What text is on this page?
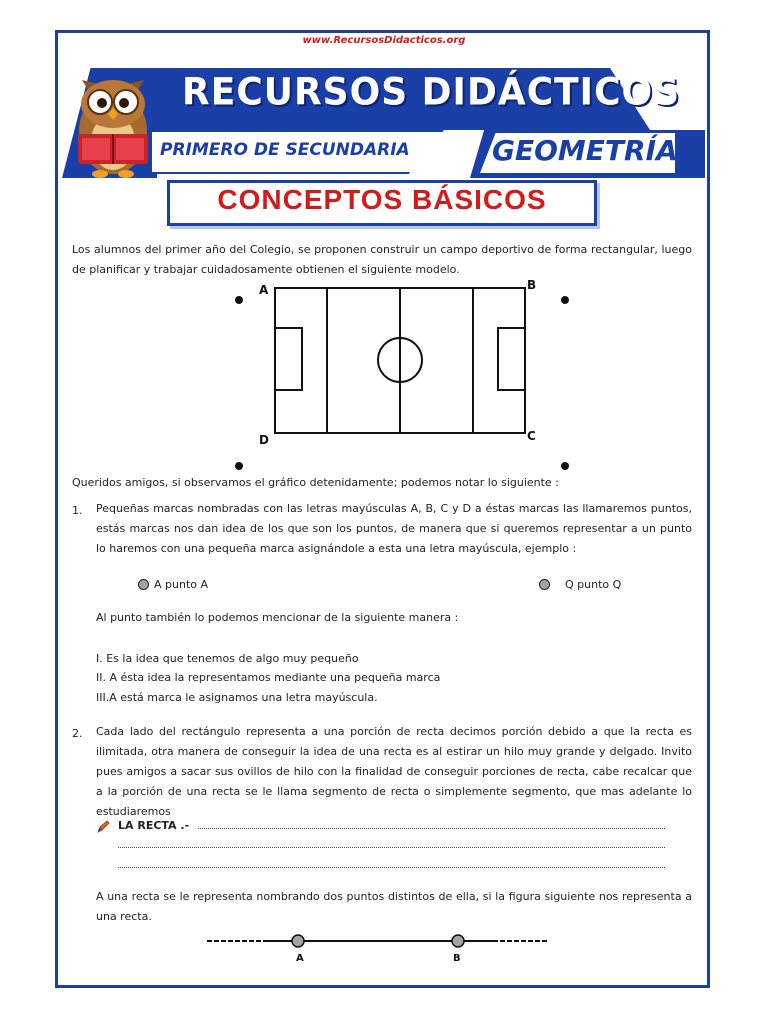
www.RecursosDidacticos.org
RECURSOS DIDÁCTICOS
PRIMERO DE SECUNDARIA	GEOMETRÍA
CONCEPTOS BÁSICOS
Los alumnos del primer año del Colegio, se proponen construir un campo deportivo de forma rectangular, luego de planificar y trabajar cuidadosamente obtienen el siguiente modelo.
A	B
C
D
Queridos amigos, si observamos el gráfico detenidamente; podemos notar lo siguiente :
1. Pequeñas marcas nombradas con las letras mayúsculas A, B, C y D a éstas marcas las llamaremos puntos, estás marcas nos dan idea de los que son los puntos, de manera que si queremos representar a un punto lo haremos con una pequeña marca asignándole a esta una letra mayúscula, ejemplo :
A punto A	Q punto Q
Al punto también lo podemos mencionar de la siguiente manera :
I. Es la idea que tenemos de algo muy pequeño
II. A ésta idea la representamos mediante una pequeña marca
III.A está marca le asignamos una letra mayúscula.
2. Cada lado del rectángulo representa a una porción de recta decimos porción debido a que la recta es ilimitada, otra manera de conseguir la idea de una recta es al estirar un hilo muy grande y delgado. Invito pues amigos a sacar sus ovillos de hilo con la finalidad de conseguir porciones de recta, cabe recalcar que a la porción de una recta se le llama segmento de recta o simplemente segmento, que mas adelante lo estudiaremos
LA RECTA .-
A una recta se le representa nombrando dos puntos distintos de ella, si la figura siguiente nos representa a una recta.
A	B
